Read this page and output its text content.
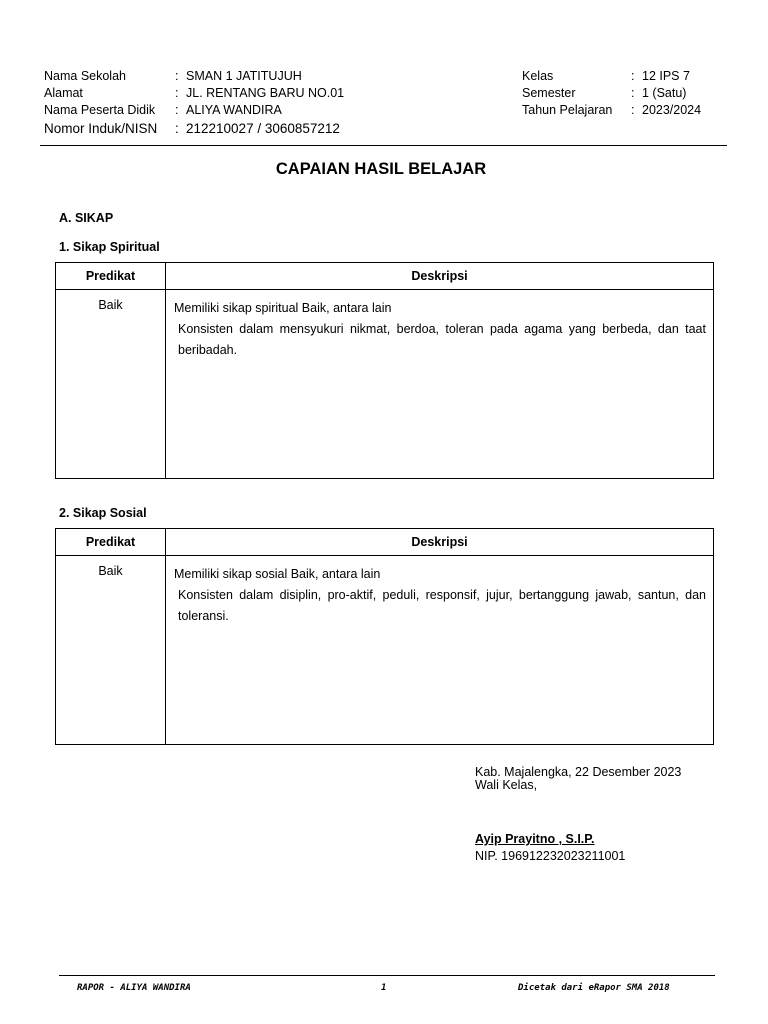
Nama Sekolah	: SMAN 1 JATITUJUH
Alamat	: JL. RENTANG BARU NO.01
Nama Peserta Didik	: ALIYA WANDIRA
Nomor Induk/NISN	: 212210027 / 3060857212
Kelas	: 12 IPS 7
Semester	: 1 (Satu)
Tahun Pelajaran	: 2023/2024
CAPAIAN HASIL BELAJAR
A. SIKAP
1. Sikap Spiritual
Predikat	Deskripsi
Baik	Memiliki sikap spiritual Baik, antara lain
Konsisten dalam mensyukuri nikmat, berdoa, toleran pada agama yang berbeda, dan taat beribadah.
2. Sikap Sosial
Predikat	Deskripsi
Baik	Memiliki sikap sosial Baik, antara lain
Konsisten dalam disiplin, pro-aktif, peduli, responsif, jujur, bertanggung jawab, santun, dan toleransi.
Kab. Majalengka, 22 Desember 2023
Wali Kelas,
Ayip Prayitno , S.I.P.
NIP. 196912232023211001
RAPOR - ALIYA WANDIRA	1	Dicetak dari eRapor SMA 2018
